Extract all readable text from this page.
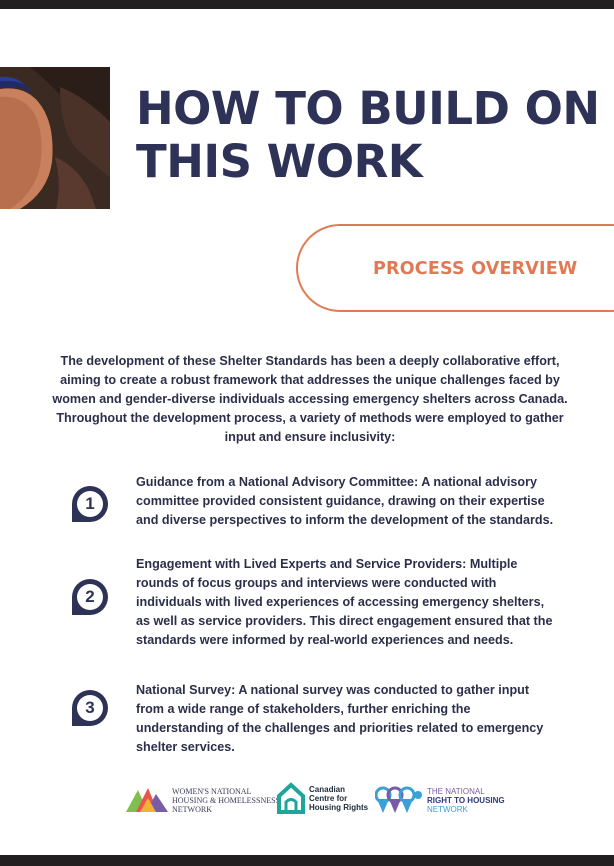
HOW TO BUILD ON
THIS WORK
PROCESS OVERVIEW
The development of these Shelter Standards has been a deeply collaborative effort, aiming to create a robust framework that addresses the unique challenges faced by women and gender-diverse individuals accessing emergency shelters across Canada. Throughout the development process, a variety of methods were employed to gather input and ensure inclusivity:
1
Guidance from a National Advisory Committee: A national advisory committee provided consistent guidance, drawing on their expertise and diverse perspectives to inform the development of the standards.
2
Engagement with Lived Experts and Service Providers: Multiple rounds of focus groups and interviews were conducted with individuals with lived experiences of accessing emergency shelters, as well as service providers. This direct engagement ensured that the standards were informed by real-world experiences and needs.
3
National Survey: A national survey was conducted to gather input from a wide range of stakeholders, further enriching the understanding of the challenges and priorities related to emergency shelter services.
WOMEN'S NATIONAL
HOUSING & HOMELESSNESS
NETWORK
Canadian
Centre for
Housing Rights
THE NATIONAL
RIGHT TO HOUSING
NETWORK
